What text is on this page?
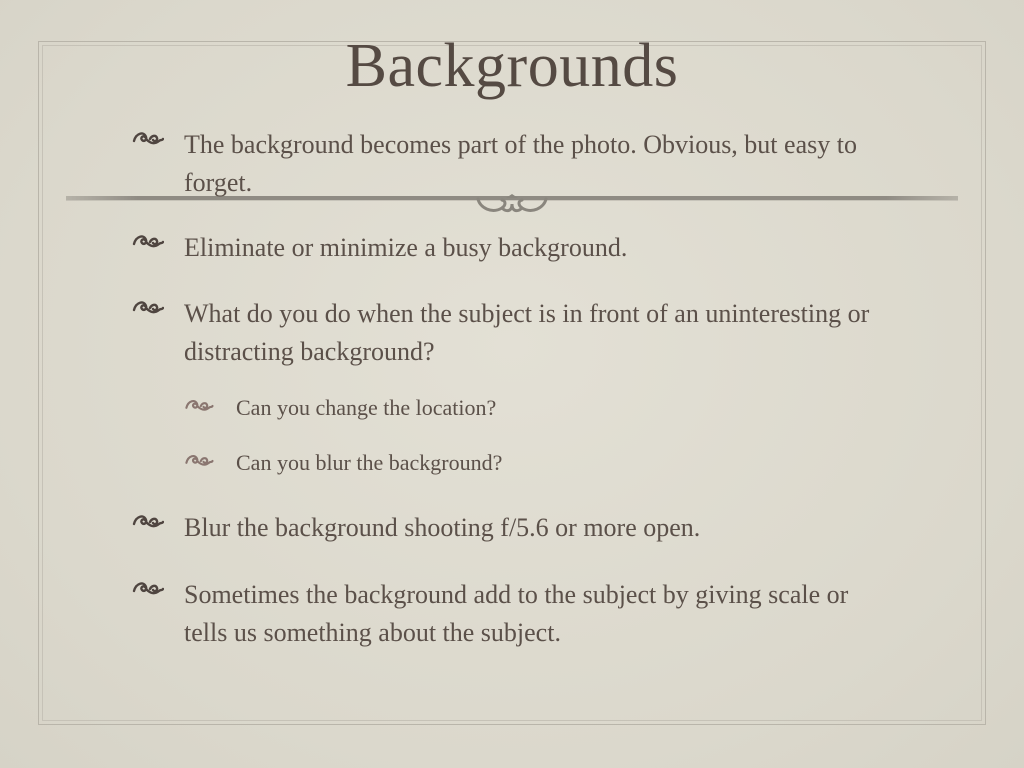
Backgrounds
The background becomes part of the photo. Obvious, but easy to forget.
Eliminate or minimize a busy background.
What do you do when the subject is in front of an uninteresting or distracting background?
Can you change the location?
Can you blur the background?
Blur the background shooting f/5.6 or more open.
Sometimes the background add to the subject by giving scale or tells us something about the subject.
